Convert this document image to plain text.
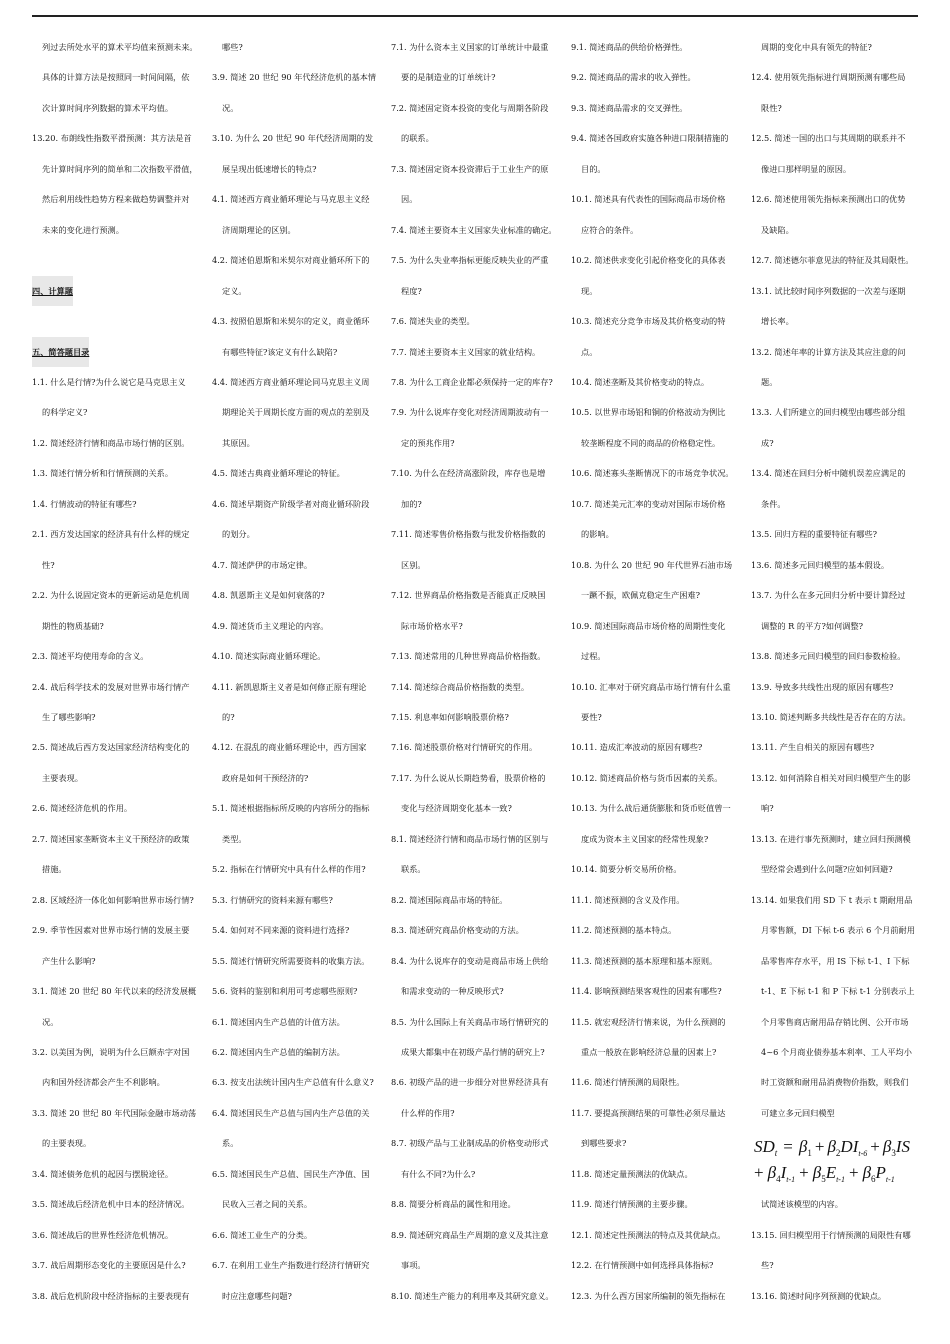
列过去所处水平的算术平均值来预测未来。

具体的计算方法是按照同一时间间隔，依

次计算时间序列数据的算术平均值。

13.20. 布朗线性指数平滑预测：其方法是首

先计算时间序列的简单和二次指数平滑值，

然后利用线性趋势方程来做趋势调整并对

未来的变化进行预测。

四、计算题

五、简答题目录

1.1. 什么是行情?为什么说它是马克思主义

的科学定义?

1.2. 简述经济行情和商品市场行情的区别。

1.3. 简述行情分析和行情预测的关系。

1.4. 行情波动的特征有哪些?

2.1. 西方发达国家的经济具有什么样的规定

性?

2.2. 为什么说固定资本的更新运动是危机周

期性的物质基础?

2.3. 简述平均使用寿命的含义。

2.4. 战后科学技术的发展对世界市场行情产

生了哪些影响?

2.5. 简述战后西方发达国家经济结构变化的

主要表现。

2.6. 简述经济危机的作用。

2.7. 简述国家垄断资本主义干预经济的政策

措施。

2.8. 区域经济一体化如何影响世界市场行情?

2.9. 季节性因素对世界市场行情的发展主要

产生什么影响?

3.1. 简述 20 世纪 80 年代以来的经济发展概

况。

3.2. 以美国为例，说明为什么巨额赤字对国

内和国外经济都会产生不利影响。

3.3. 简述 20 世纪 80 年代国际金融市场动荡

的主要表现。

3.4. 简述债务危机的起因与摆脱途径。

3.5. 简述战后经济危机中日本的经济情况。

3.6. 简述战后的世界性经济危机情况。

3.7. 战后周期形态变化的主要原因是什么?

3.8. 战后危机阶段中经济指标的主要表现有

哪些?

3.9. 简述 20 世纪 90 年代经济危机的基本情

况。

3.10. 为什么 20 世纪 90 年代经济周期的发

展呈现出低速增长的特点?

4.1. 简述西方商业循环理论与马克思主义经

济周期理论的区别。

4.2. 简述伯恩斯和米契尔对商业循环所下的

定义。

4.3. 按照伯恩斯和米契尔的定义，商业循环

有哪些特征?该定义有什么缺陷?

4.4. 简述西方商业循环理论同马克思主义周

期理论关于周期长度方面的观点的差别及

其原因。

4.5. 简述古典商业循环理论的特征。

4.6. 简述早期资产阶级学者对商业循环阶段

的划分。

4.7. 简述萨伊的市场定律。

4.8. 凯恩斯主义是如何衰落的?

4.9. 简述货币主义理论的内容。

4.10. 简述实际商业循环理论。

4.11. 新凯恩斯主义者是如何修正原有理论

的?

4.12. 在混乱的商业循环理论中，西方国家

政府是如何干预经济的?

5.1. 简述根据指标所反映的内容所分的指标

类型。

5.2. 指标在行情研究中具有什么样的作用?

5.3. 行情研究的资料来源有哪些?

5.4. 如何对不同来源的资料进行选择?

5.5. 简述行情研究所需要资料的收集方法。

5.6. 资料的鉴别和利用可考虑哪些原则?

6.1. 简述国内生产总值的计值方法。

6.2. 简述国内生产总值的编制方法。

6.3. 按支出法统计国内生产总值有什么意义?

6.4. 简述国民生产总值与国内生产总值的关

系。

6.5. 简述国民生产总值、国民生产净值、国

民收入三者之间的关系。

6.6. 简述工业生产的分类。

6.7. 在利用工业生产指数进行经济行情研究

时应注意哪些问题?

7.1. 为什么资本主义国家的订单统计中最重

要的是制造业的订单统计?

7.2. 简述固定资本投资的变化与周期各阶段

的联系。

7.3. 简述固定资本投资滞后于工业生产的原

因。

7.4. 简述主要资本主义国家失业标准的确定。

7.5. 为什么失业率指标更能反映失业的严重

程度?

7.6. 简述失业的类型。

7.7. 简述主要资本主义国家的就业结构。

7.8. 为什么工商企业都必须保持一定的库存?

7.9. 为什么说库存变化对经济周期波动有一

定的预兆作用?

7.10. 为什么在经济高涨阶段，库存也是增

加的?

7.11. 简述零售价格指数与批发价格指数的

区别。

7.12. 世界商品价格指数是否能真正反映国

际市场价格水平?

7.13. 简述常用的几种世界商品价格指数。

7.14. 简述综合商品价格指数的类型。

7.15. 利息率如何影响股票价格?

7.16. 简述股票价格对行情研究的作用。

7.17. 为什么说从长期趋势看，股票价格的

变化与经济周期变化基本一致?

8.1. 简述经济行情和商品市场行情的区别与

联系。

8.2. 简述国际商品市场的特征。

8.3. 简述研究商品价格变动的方法。

8.4. 为什么说库存的变动是商品市场上供给

和需求变动的一种反映形式?

8.5. 为什么国际上有关商品市场行情研究的

成果大都集中在初级产品行情的研究上?

8.6. 初级产品的进一步细分对世界经济具有

什么样的作用?

8.7. 初级产品与工业制成品的价格变动形式

有什么不同?为什么?

8.8. 简要分析商品的属性和用途。

8.9. 简述研究商品生产周期的意义及其注意

事项。

8.10. 简述生产能力的利用率及其研究意义。

9.1. 简述商品的供给价格弹性。

9.2. 简述商品的需求的收入弹性。

9.3. 简述商品需求的交叉弹性。

9.4. 简述各国政府实施各种进口限制措施的

目的。

10.1. 简述具有代表性的国际商品市场价格

应符合的条件。

10.2. 简述供求变化引起价格变化的具体表

现。

10.3. 简述充分竞争市场及其价格变动的特

点。

10.4. 简述垄断及其价格变动的特点。

10.5. 以世界市场铝和铜的价格波动为例比

较垄断程度不同的商品的价格稳定性。

10.6. 简述寡头垄断情况下的市场竞争状况。

10.7. 简述美元汇率的变动对国际市场价格

的影响。

10.8. 为什么 20 世纪 90 年代世界石油市场

一蹶不振，欧佩克稳定生产困难?

10.9. 简述国际商品市场价格的周期性变化

过程。

10.10. 汇率对于研究商品市场行情有什么重

要性?

10.11. 造成汇率波动的原因有哪些?

10.12. 简述商品价格与货币因素的关系。

10.13. 为什么战后通货膨胀和货币贬值曾一

度成为资本主义国家的经常性现象?

10.14. 简要分析交易所价格。

11.1. 简述预测的含义及作用。

11.2. 简述预测的基本特点。

11.3. 简述预测的基本原理和基本原则。

11.4. 影响预测结果客观性的因素有哪些?

11.5. 就宏观经济行情来说，为什么预测的

重点一般放在影响经济总量的因素上?

11.6. 简述行情预测的局限性。

11.7. 要提高预测结果的可靠性必须尽量达

到哪些要求?

11.8. 简述定量预测法的优缺点。

11.9. 简述行情预测的主要步骤。

12.1. 简述定性预测法的特点及其优缺点。

12.2. 在行情预测中如何选择具体指标?

12.3. 为什么西方国家所编制的领先指标在

周期的变化中具有领先的特征?

12.4. 使用领先指标进行周期预测有哪些局

限性?

12.5. 简述一国的出口与其周期的联系并不

像进口那样明显的原因。

12.6. 简述使用领先指标来预测出口的优势

及缺陷。

12.7. 简述德尔菲意见法的特征及其局限性。

13.1. 试比较时间序列数据的一次差与逐期

增长率。

13.2. 简述年率的计算方法及其应注意的问

题。

13.3. 人们所建立的回归模型由哪些部分组

成?

13.4. 简述在回归分析中随机误差应满足的

条件。

13.5. 回归方程的重要特征有哪些?

13.6. 简述多元回归模型的基本假设。

13.7. 为什么在多元回归分析中要计算经过

调整的 R 的平方?如何调整?

13.8. 简述多元回归模型的回归参数检验。

13.9. 导致多共线性出现的原因有哪些?

13.10. 简述判断多共线性是否存在的方法。

13.11. 产生自相关的原因有哪些?

13.12. 如何消除自相关对回归模型产生的影

响?

13.13. 在进行事先预测时，建立回归预测模

型经常会遇到什么问题?应如何回避?

13.14. 如果我们用 SD 下 t 表示 t 期耐用品

月零售额，DI 下标 t-6 表示 6 个月前耐用

品零售库存水平，用 IS 下标 t-1、I 下标

t-1、E 下标 t-1 和 P 下标 t-1 分别表示上

个月零售商店耐用品存销比例、公开市场

4~6 个月商业债券基本利率、工人平均小

时工资额和耐用品消费物价指数，则我们

可建立多元回归模型

试简述该模型的内容。

13.15. 回归模型用于行情预测的局限性有哪

些?

13.16. 简述时间序列预测的优缺点。

$SD_t = \beta_1 + \beta_2DI_{t-6} + \beta_3IS$
+ $\beta_4I_{t-1} + \beta_5E_{t-1} + \beta_6P_{t-1}$
